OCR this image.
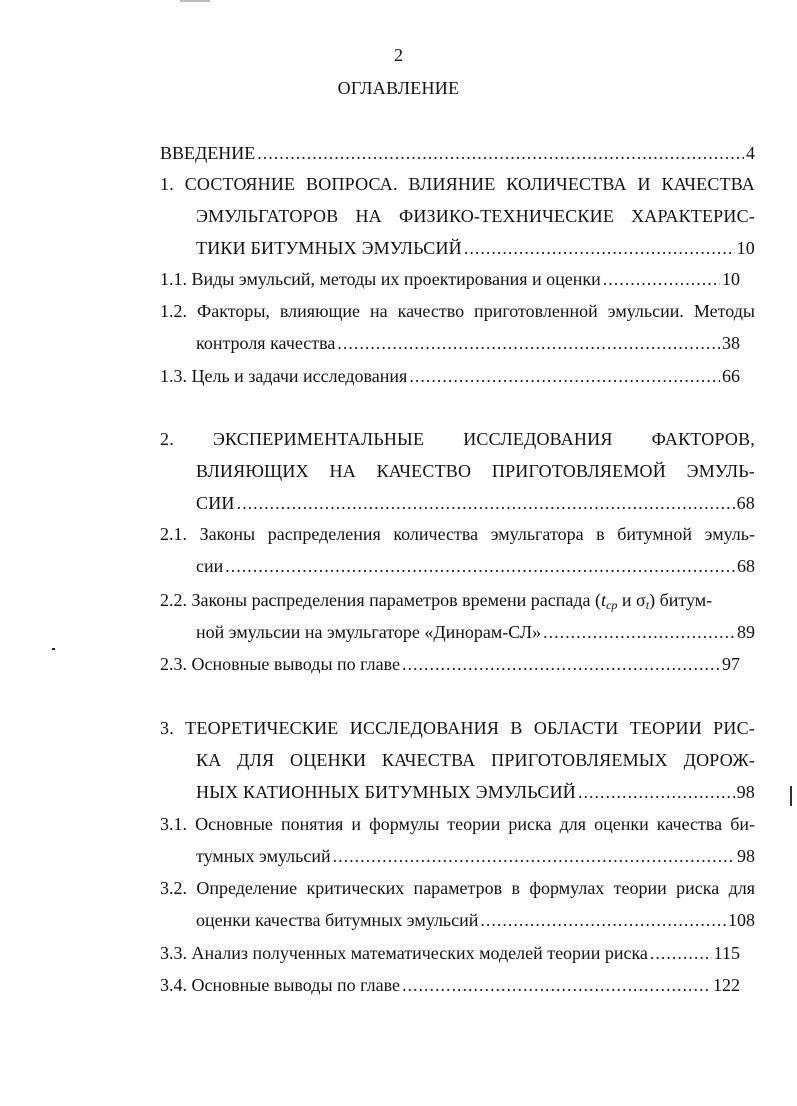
2
ОГЛАВЛЕНИЕ
ВВЕДЕНИЕ .....	4
1. СОСТОЯНИЕ ВОПРОСА. ВЛИЯНИЕ КОЛИЧЕСТВА И КАЧЕСТВА
ЭМУЛЬГАТОРОВ НА ФИЗИКО-ТЕХНИЧЕСКИЕ ХАРАКТЕРИС-
ТИКИ БИТУМНЫХ ЭМУЛЬСИЙ .....	10
1.1. Виды эмульсий, методы их проектирования и оценки .....	10
1.2. Факторы, влияющие на качество приготовленной эмульсии. Методы
контроля качества .....	38
1.3. Цель и задачи исследования .....	66
2. ЭКСПЕРИМЕНТАЛЬНЫЕ ИССЛЕДОВАНИЯ ФАКТОРОВ,
ВЛИЯЮЩИХ НА КАЧЕСТВО ПРИГОТОВЛЯЕМОЙ ЭМУЛЬ-
СИИ .....	68
2.1. Законы распределения количества эмульгатора в битумной эмуль-
сии .....	68
2.2. Законы распределения параметров времени распада ($t_{ср}$ и $\sigma_t$) битум-
ной эмульсии на эмульгаторе «Динорам-СЛ» .....	89
2.3. Основные выводы по главе .....	97
3. ТЕОРЕТИЧЕСКИЕ ИССЛЕДОВАНИЯ В ОБЛАСТИ ТЕОРИИ РИС-
КА ДЛЯ ОЦЕНКИ КАЧЕСТВА ПРИГОТОВЛЯЕМЫХ ДОРОЖ-
НЫХ КАТИОННЫХ БИТУМНЫХ ЭМУЛЬСИЙ .....	98
3.1. Основные понятия и формулы теории риска для оценки качества би-
тумных эмульсий .....	98
3.2. Определение критических параметров в формулах теории риска для
оценки качества битумных эмульсий .....	108
3.3. Анализ полученных математических моделей теории риска .....	115
3.4. Основные выводы по главе .....	122
